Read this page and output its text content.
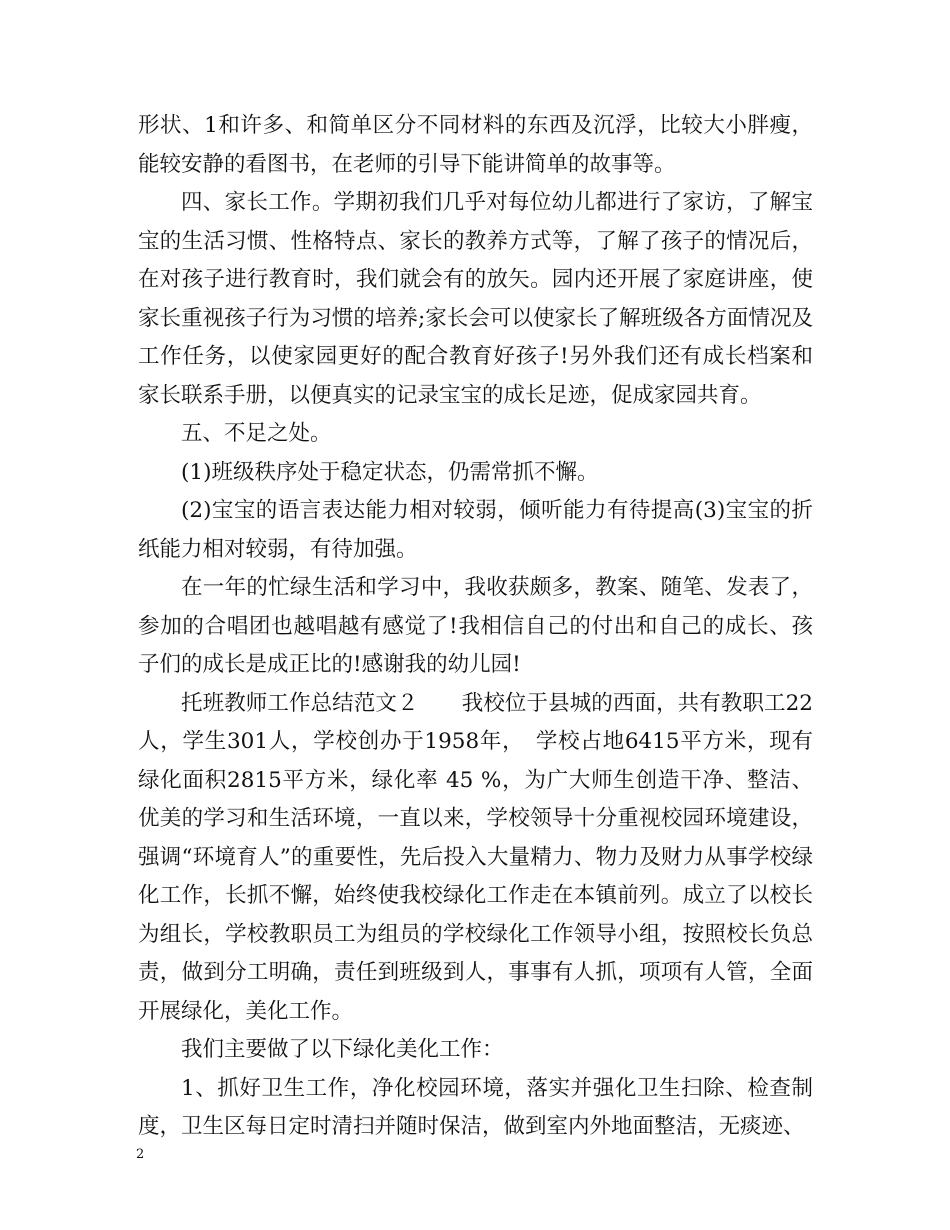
形状、1和许多、和简单区分不同材料的东西及沉浮，比较大小胖瘦，能较安静的看图书，在老师的引导下能讲简单的故事等。

四、家长工作。学期初我们几乎对每位幼儿都进行了家访，了解宝宝的生活习惯、性格特点、家长的教养方式等，了解了孩子的情况后，在对孩子进行教育时，我们就会有的放矢。园内还开展了家庭讲座，使家长重视孩子行为习惯的培养;家长会可以使家长了解班级各方面情况及工作任务，以使家园更好的配合教育好孩子!另外我们还有成长档案和家长联系手册，以便真实的记录宝宝的成长足迹，促成家园共育。

五、不足之处。

(1)班级秩序处于稳定状态，仍需常抓不懈。

(2)宝宝的语言表达能力相对较弱，倾听能力有待提高(3)宝宝的折纸能力相对较弱，有待加强。

在一年的忙绿生活和学习中，我收获颇多，教案、随笔、发表了，参加的合唱团也越唱越有感觉了!我相信自己的付出和自己的成长、孩子们的成长是成正比的!感谢我的幼儿园!

托班教师工作总结范文２　　我校位于县城的西面，共有教职工22人，学生301人，学校创办于1958年，　学校占地6415平方米，现有绿化面积2815平方米，绿化率 45 %，为广大师生创造干净、整洁、优美的学习和生活环境，一直以来，学校领导十分重视校园环境建设，强调“环境育人”的重要性，先后投入大量精力、物力及财力从事学校绿化工作，长抓不懈，始终使我校绿化工作走在本镇前列。成立了以校长为组长，学校教职员工为组员的学校绿化工作领导小组，按照校长负总责，做到分工明确，责任到班级到人，事事有人抓，项项有人管，全面开展绿化，美化工作。

我们主要做了以下绿化美化工作：

1、抓好卫生工作，净化校园环境，落实并强化卫生扫除、检查制度，卫生区每日定时清扫并随时保洁，做到室内外地面整洁，无痰迹、

2
